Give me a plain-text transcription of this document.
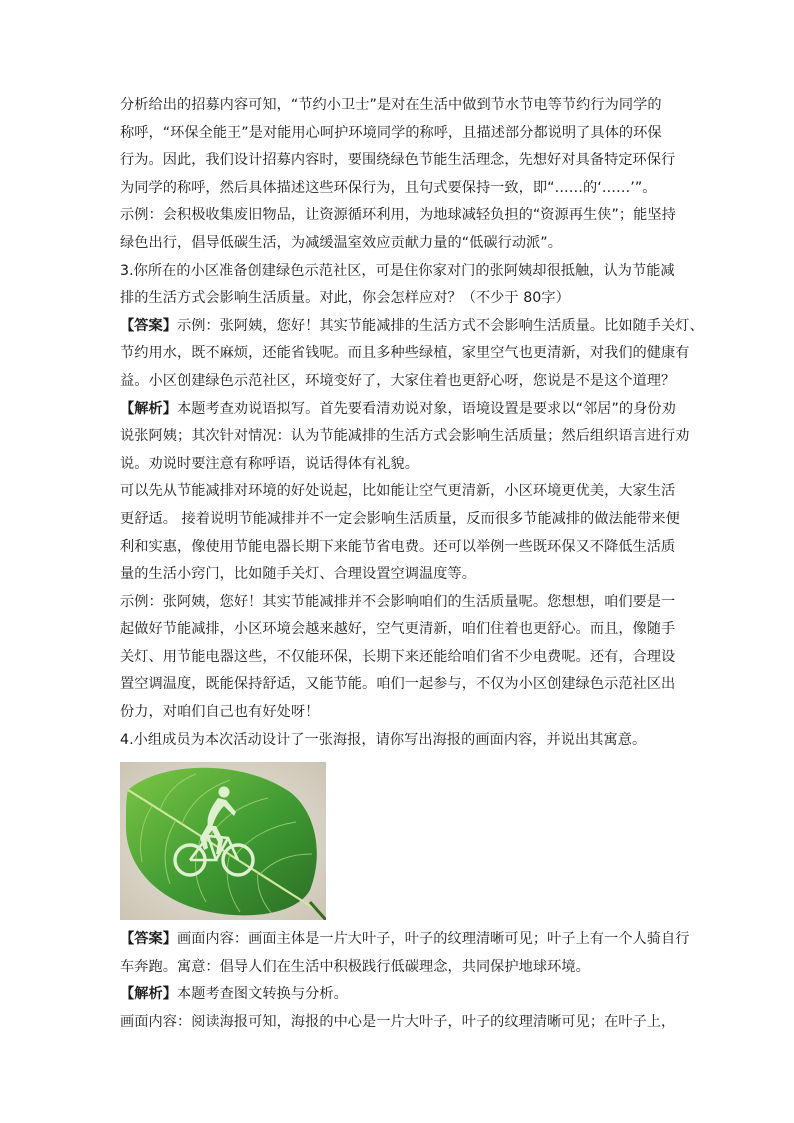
分析给出的招募内容可知，“节约小卫士”是对在生活中做到节水节电等节约行为同学的
称呼，“环保全能王”是对能用心呵护环境同学的称呼，且描述部分都说明了具体的环保
行为。因此，我们设计招募内容时，要围绕绿色节能生活理念，先想好对具备特定环保行
为同学的称呼，然后具体描述这些环保行为，且句式要保持一致，即“……的‘……’”。
示例：会积极收集废旧物品，让资源循环利用，为地球减轻负担的“资源再生侠”；能坚持
绿色出行，倡导低碳生活，为减缓温室效应贡献力量的“低碳行动派”。
3.你所在的小区准备创建绿色示范社区，可是住你家对门的张阿姨却很抵触，认为节能减
排的生活方式会影响生活质量。对此，你会怎样应对？（不少于 80字）
【答案】示例：张阿姨，您好！其实节能减排的生活方式不会影响生活质量。比如随手关灯、
节约用水，既不麻烦，还能省钱呢。而且多种些绿植，家里空气也更清新，对我们的健康有
益。小区创建绿色示范社区，环境变好了，大家住着也更舒心呀，您说是不是这个道理？
【解析】本题考查劝说语拟写。首先要看清劝说对象，语境设置是要求以“邻居”的身份劝
说张阿姨；其次针对情况：认为节能减排的生活方式会影响生活质量；然后组织语言进行劝
说。劝说时要注意有称呼语，说话得体有礼貌。
可以先从节能减排对环境的好处说起，比如能让空气更清新，小区环境更优美，大家生活
更舒适。 接着说明节能减排并不一定会影响生活质量，反而很多节能减排的做法能带来便
利和实惠，像使用节能电器长期下来能节省电费。还可以举例一些既环保又不降低生活质
量的生活小窍门，比如随手关灯、合理设置空调温度等。
示例：张阿姨，您好！其实节能减排并不会影响咱们的生活质量呢。您想想，咱们要是一
起做好节能减排，小区环境会越来越好，空气更清新，咱们住着也更舒心。而且，像随手
关灯、用节能电器这些，不仅能环保，长期下来还能给咱们省不少电费呢。还有，合理设
置空调温度，既能保持舒适，又能节能。咱们一起参与，不仅为小区创建绿色示范社区出
份力，对咱们自己也有好处呀！
4.小组成员为本次活动设计了一张海报，请你写出海报的画面内容，并说出其寓意。
【答案】画面内容：画面主体是一片大叶子，叶子的纹理清晰可见；叶子上有一个人骑自行
车奔跑。寓意：倡导人们在生活中积极践行低碳理念，共同保护地球环境。
【解析】本题考查图文转换与分析。
画面内容：阅读海报可知，海报的中心是一片大叶子，叶子的纹理清晰可见；在叶子上，
